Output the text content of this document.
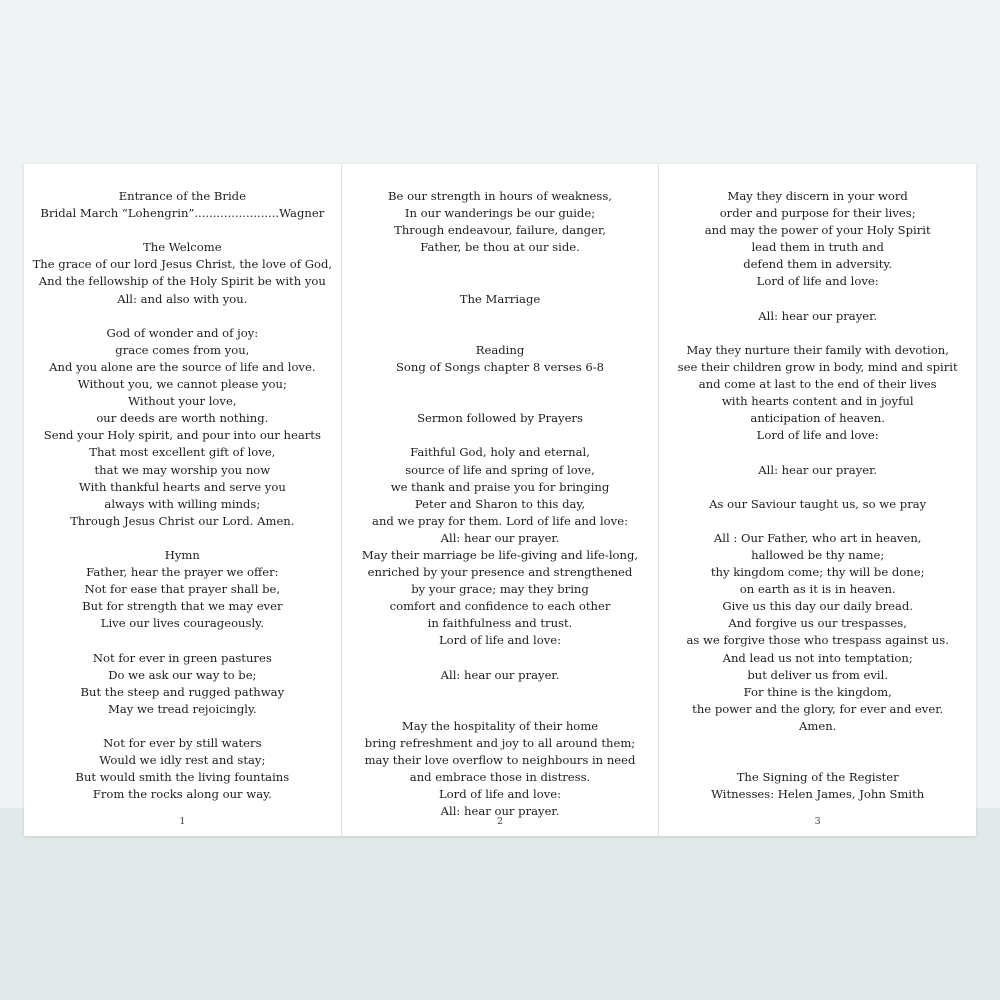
Entrance of the Bride
Bridal March “Lohengrin”.......................Wagner
The Welcome
The grace of our lord Jesus Christ, the love of God,
And the fellowship of the Holy Spirit be with you
All: and also with you.
God of wonder and of joy:
grace comes from you,
And you alone are the source of life and love.
Without you, we cannot please you;
Without your love,
our deeds are worth nothing.
Send your Holy spirit, and pour into our hearts
That most excellent gift of love,
that we may worship you now
With thankful hearts and serve you
always with willing minds;
Through Jesus Christ our Lord. Amen.
Hymn
Father, hear the prayer we offer:
Not for ease that prayer shall be,
But for strength that we may ever
Live our lives courageously.
Not for ever in green pastures
Do we ask our way to be;
But the steep and rugged pathway
May we tread rejoicingly.
Not for ever by still waters
Would we idly rest and stay;
But would smith the living fountains
From the rocks along our way.
1
Be our strength in hours of weakness,
In our wanderings be our guide;
Through endeavour, failure, danger,
Father, be thou at our side.
The Marriage
Reading
Song of Songs chapter 8 verses 6-8
Sermon followed by Prayers
Faithful God, holy and eternal,
source of life and spring of love,
we thank and praise you for bringing
Peter and Sharon to this day,
and we pray for them. Lord of life and love:
All: hear our prayer.
May their marriage be life-giving and life-long,
enriched by your presence and strengthened
by your grace; may they bring
comfort and confidence to each other
in faithfulness and trust.
Lord of life and love:
All: hear our prayer.
May the hospitality of their home
bring refreshment and joy to all around them;
may their love overflow to neighbours in need
and embrace those in distress.
Lord of life and love:
All: hear our prayer.
2
May they discern in your word
order and purpose for their lives;
and may the power of your Holy Spirit
lead them in truth and
defend them in adversity.
Lord of life and love:
All: hear our prayer.
May they nurture their family with devotion,
see their children grow in body, mind and spirit
and come at last to the end of their lives
with hearts content and in joyful
anticipation of heaven.
Lord of life and love:
All: hear our prayer.
As our Saviour taught us, so we pray
All : Our Father, who art in heaven,
hallowed be thy name;
thy kingdom come; thy will be done;
on earth as it is in heaven.
Give us this day our daily bread.
And forgive us our trespasses,
as we forgive those who trespass against us.
And lead us not into temptation;
but deliver us from evil.
For thine is the kingdom,
the power and the glory, for ever and ever.
Amen.
The Signing of the Register
Witnesses: Helen James, John Smith
3
